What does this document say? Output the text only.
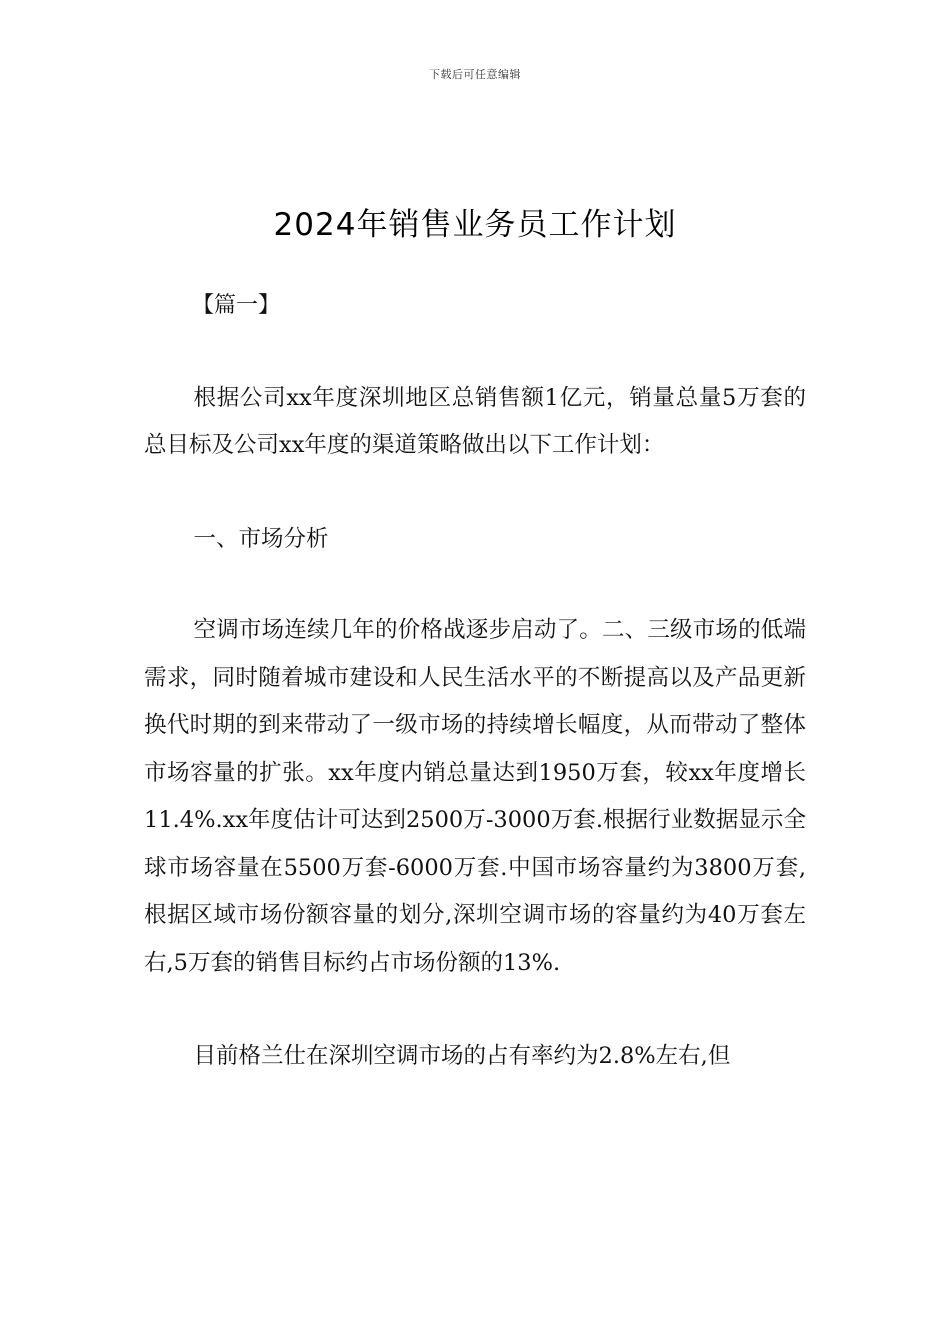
下载后可任意编辑
2024年销售业务员工作计划

【篇一】

根据公司xx年度深圳地区总销售额1亿元，销量总量5万套的总目标及公司xx年度的渠道策略做出以下工作计划：

一、市场分析

空调市场连续几年的价格战逐步启动了。二、三级市场的低端需求，同时随着城市建设和人民生活水平的不断提高以及产品更新换代时期的到来带动了一级市场的持续增长幅度，从而带动了整体市场容量的扩张。xx年度内销总量达到1950万套，较xx年度增长11.4%.xx年度估计可达到2500万-3000万套.根据行业数据显示全球市场容量在5500万套-6000万套.中国市场容量约为3800万套,根据区域市场份额容量的划分,深圳空调市场的容量约为40万套左右,5万套的销售目标约占市场份额的13%.

目前格兰仕在深圳空调市场的占有率约为2.8%左右,但
